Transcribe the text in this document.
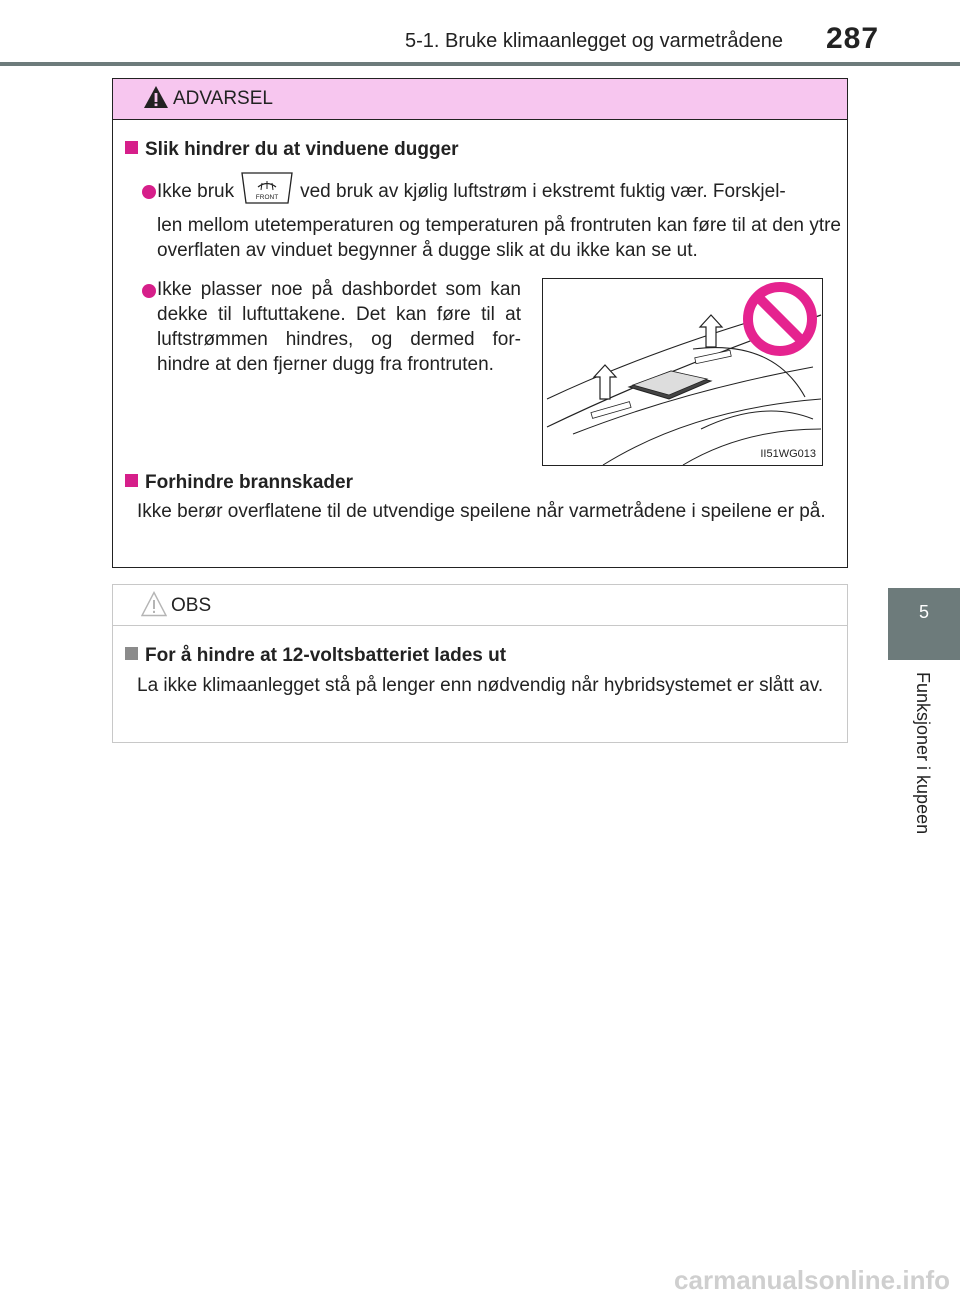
5-1. Bruke klimaanlegget og varmetrådene 287
5
Funksjoner i kupeen
ADVARSEL
Slik hindrer du at vinduene dugger
Ikke bruk	FRONT ved bruk av kjølig luftstrøm i ekstremt fuktig vær. Forskjel-
len mellom utetemperaturen og temperaturen på frontruten kan føre til at den ytre overflaten av vinduet begynner å dugge slik at du ikke kan se ut.
Ikke plasser noe på dashbordet som kan dekke til luftuttakene. Det kan føre til at luftstrømmen hindres, og dermed for-hindre at den fjerner dugg fra frontruten.
Forhindre brannskader
Ikke berør overflatene til de utvendige speilene når varmetrådene i speilene er på.
II51WG013
OBS
For å hindre at 12-voltsbatteriet lades ut
La ikke klimaanlegget stå på lenger enn nødvendig når hybridsystemet er slått av.
carmanualsonline.info
